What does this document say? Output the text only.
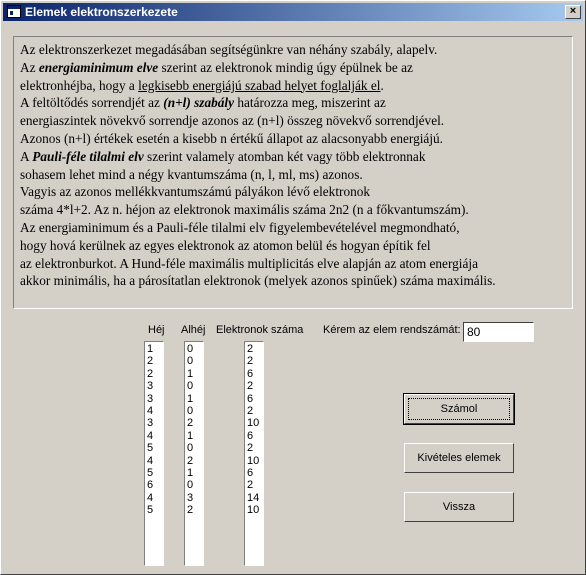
Elemek elektronszerkezete	×
Az elektronszerkezet megadásában segítségünkre van néhány szabály, alapelv.
Az energiaminimum elve szerint az elektronok mindig úgy épülnek be az
elektronhéjba, hogy a legkisebb energiájú szabad helyet foglalják el.
A feltöltődés sorrendjét az (n+l) szabály határozza meg, miszerint az
energiaszintek növekvő sorrendje azonos az (n+l) összeg növekvő sorrendjével.
Azonos (n+l) értékek esetén a kisebb n értékű állapot az alacsonyabb energiájú.
A Pauli-féle tilalmi elv szerint valamely atomban két vagy több elektronnak
sohasem lehet mind a négy kvantumszáma (n, l, ml, ms) azonos.
Vagyis az azonos mellékkvantumszámú pályákon lévő elektronok
száma 4*l+2. Az n. héjon az elektronok maximális száma 2n2 (n a főkvantumszám).
Az energiaminimum és a Pauli-féle tilalmi elv figyelembevételével megmondható,
hogy hová kerülnek az egyes elektronok az atomon belül és hogyan építik fel
az elektronburkot. A Hund-féle maximális multiplicitás elve alapján az atom energiája
akkor minimális, ha a párosítatlan elektronok (melyek azonos spinűek) száma maximális.
Héj Alhéj Elektronok száma Kérem az elem rendszámát: 80
1
2
2
3
3
4
3
4
5
4
5
6
4
5
0
0
1
0
1
0
2
1
0
2
1
0
3
2
2
2
6
2
6
2
10
6
2
10
6
2
14
10
Számol
Kivételes elemek
Vissza
